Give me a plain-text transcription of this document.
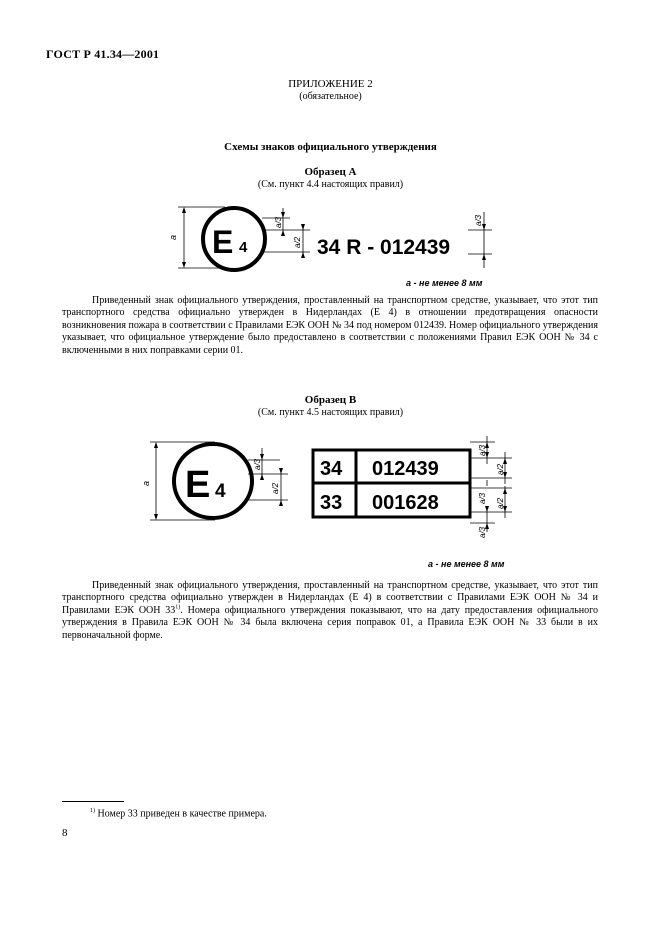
ГОСТ Р 41.34—2001
ПРИЛОЖЕНИЕ 2
(обязательное)
Схемы знаков официального утверждения
Образец А
(См. пункт 4.4 настоящих правил)
a E 4
a/3
a/2 34 R - 012439
a/3
a - не менее 8 мм
Приведенный знак официального утверждения, проставленный на транспортном средстве, указывает, что этот тип транспортного средства официально утвержден в Нидерландах (Е 4) в отношении предотвращения опасности возникновения пожара в соответствии с Правилами ЕЭК ООН № 34 под номером 012439. Номер официального утверждения указывает, что официальное утверждение было предоставлено в соответствии с положениями Правил ЕЭК ООН № 34 с включенными в них поправками серии 01.
Образец В
(См. пункт 4.5 настоящих правил)
a E 4
a/3
a/2
34 012439
33 001628
a/3
a/2
a/3 a/2
a/3
a - не менее 8 мм
Приведенный знак официального утверждения, проставленный на транспортном средстве, указывает, что этот тип транспортного средства официально утвержден в Нидерландах (Е 4) в соответствии с Правилами ЕЭК ООН № 34 и Правилами ЕЭК ООН 33$^{1)}$. Номера официального утверждения показывают, что на дату предоставления официального утверждения в Правила ЕЭК ООН № 34 была включена серия поправок 01, а Правила ЕЭК ООН № 33 были в их первоначальной форме.
$^{1)}$ Номер 33 приведен в качестве примера.
8
